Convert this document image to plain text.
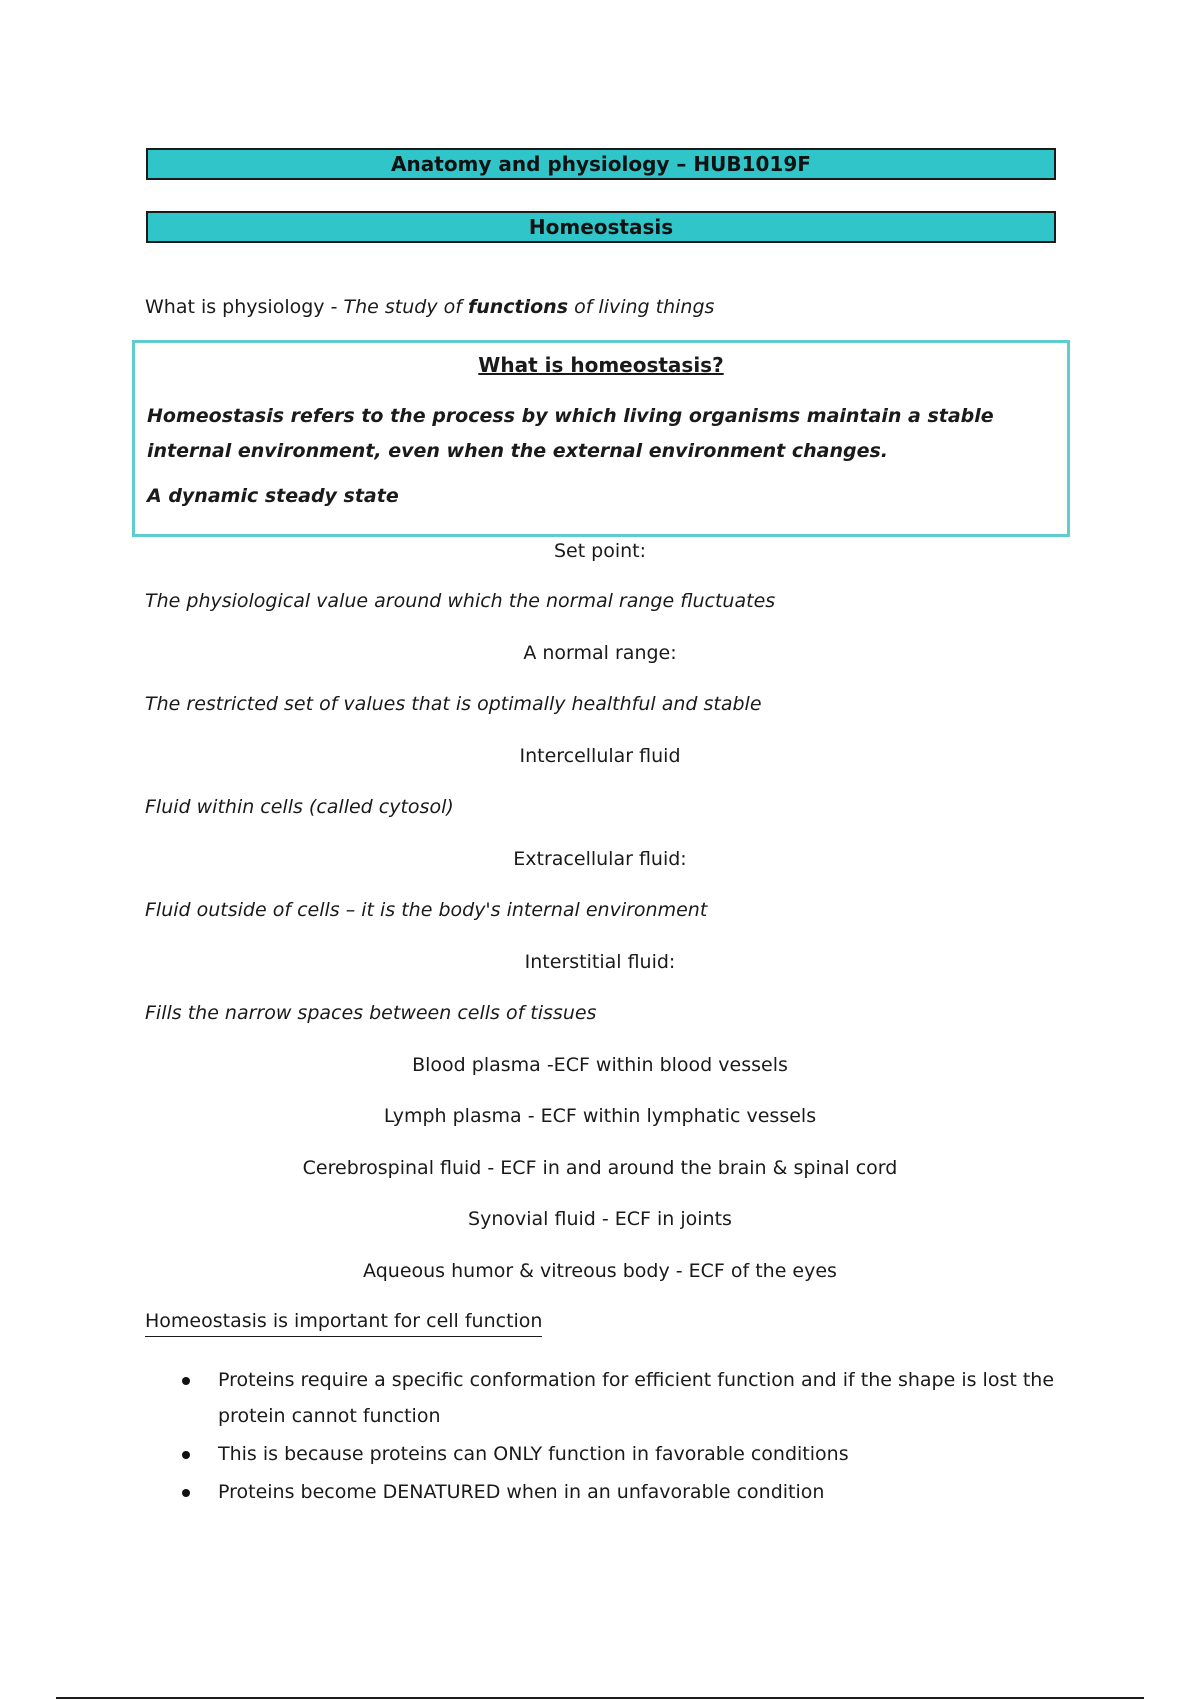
Anatomy and physiology – HUB1019F
Homeostasis
What is physiology - The study of functions of living things
What is homeostasis?
Homeostasis refers to the process by which living organisms maintain a stable internal environment, even when the external environment changes.
A dynamic steady state
Set point:
The physiological value around which the normal range fluctuates
A normal range:
The restricted set of values that is optimally healthful and stable
Intercellular fluid
Fluid within cells (called cytosol)
Extracellular fluid:
Fluid outside of cells – it is the body's internal environment
Interstitial fluid:
Fills the narrow spaces between cells of tissues
Blood plasma -ECF within blood vessels
Lymph plasma - ECF within lymphatic vessels
Cerebrospinal fluid - ECF in and around the brain & spinal cord
Synovial fluid - ECF in joints
Aqueous humor & vitreous body - ECF of the eyes
Homeostasis is important for cell function
Proteins require a specific conformation for efficient function and if the shape is lost the protein cannot function
This is because proteins can ONLY function in favorable conditions
Proteins become DENATURED when in an unfavorable condition
